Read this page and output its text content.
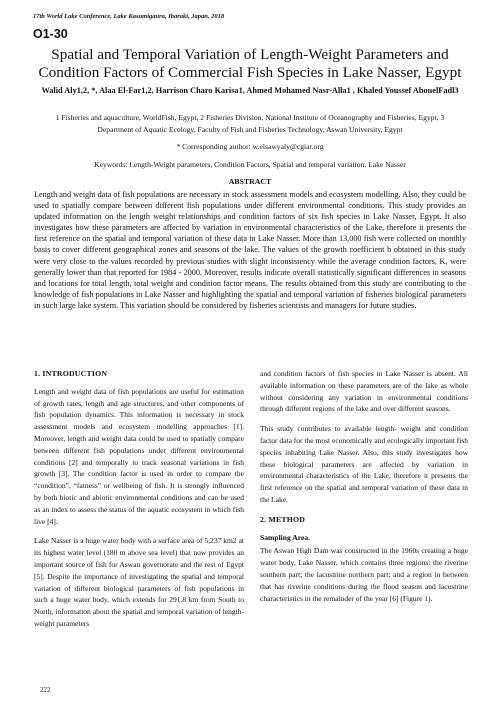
17th World Lake Conference, Lake Kasumigaura, Ibaraki, Japan, 2018
O1-30
Spatial and Temporal Variation of Length-Weight Parameters and Condition Factors of Commercial Fish Species in Lake Nasser, Egypt
Walid Aly1,2, *, Alaa El-Far1,2, Harrison Charo Karisa1, Ahmed Mohamed Nasr-Alla1 , Khaled Youssef AbouelFadl3
1 Fisheries and aquaculture, WorldFish, Egypt, 2 Fisheries Division, National Institute of Oceanography and Fisheries, Egypt, 3 Department of Aquatic Ecology, Faculty of Fish and Fisheries Technology, Aswan University, Egypt
* Corresponding author: w.elsawyaly@cgiar.org
Keywords: Length-Weight parameters, Condition Factors, Spatial and temporal variation, Lake Nasser
ABSTRACT

Length and weight data of fish populations are necessary in stock assessment models and ecosystem modelling. Also, they could be used to spatially compare between different fish populations under different environmental conditions. This study provides an updated information on the length weight relationships and condition factors of six fish species in Lake Nasser, Egypt. It also investigates how these parameters are affected by variation in environmental characteristics of the Lake, therefore it presents the first reference on the spatial and temporal variation of these data in Lake Nasser. More than 13,000 fish were collected on monthly basis to cover different geographical zones and seasons of the lake. The values of the growth coefficient b obtained in this study were very close to the values recorded by previous studies with slight inconsistency while the average condition factors, K, were generally lower than that reported for 1984 - 2000. Moreover, results indicate overall statistically significant differences in seasons and locations for total length, total weight and condition factor means. The results obtained from this study are contributing to the knowledge of fish populations in Lake Nasser and highlighting the spatial and temporal variation of fisheries biological parameters in such large lake system. This variation should be considered by fisheries scientists and managers for future studies.

1. INTRODUCTION

Length and weight data of fish populations are useful for estimation of growth rates, length and age structures, and other components of fish population dynamics. This information is necessary in stock assessment models and ecosystem modelling approaches [1]. Moreover, length and weight data could be used to spatially compare between different fish populations under different environmental conditions [2] and temporally to track seasonal variations in fish growth [3]. The condition factor is used in order to compare the “condition”, “fatness” or wellbeing of fish. It is strongly influenced by both biotic and abiotic environmental conditions and can be used as an index to assess the status of the aquatic ecosystem in which fish live [4].

Lake Nasser is a huge water body with a surface area of 5,237 km2 at its highest water level (180 m above sea level) that now provides an important source of fish for Aswan governorate and the rest of Egypt [5]. Despite the importance of investigating the spatial and temporal variation of different biological parameters of fish populations in such a huge water body, which extends for 291.8 km from South to North, information about the spatial and temporal variation of length-weight parameters

and condition factors of fish species in Lake Nasser is absent. All available information on these parameters are of the lake as whole without considering any variation in environmental conditions through different regions of the lake and over different seasons.

This study contributes to available length- weight and condition factor data for the most economically and ecologically important fish species inhabiting Lake Nasser. Also, this study investigates how these biological parameters are affected by variation in environmental characteristics of the Lake, therefore it presents the first reference on the spatial and temporal variation of these data in the Lake.

2. METHOD
Sampling Area.

The Aswan High Dam was constructed in the 1960s creating a huge water body, Lake Nasser, which contains three regions: the riverine southern part; the lacustrine northern part; and a region in between that has riverine conditions during the flood season and lacustrine characteristics in the remainder of the year [6] (Figure 1).

222
